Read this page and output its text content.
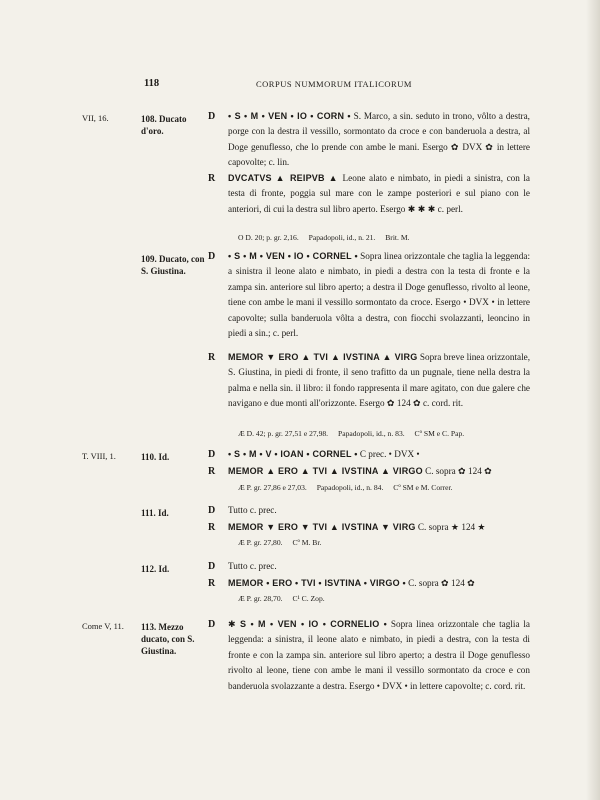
118	CORPUS NUMMORUM ITALICORUM
VII, 16.	108. Ducato d'oro.
D	• S • M • VEN • IO • CORN • S. Marco, a sin. seduto in trono, vôlto a destra, porge con la destra il vessillo, sormontato da croce e con banderuola a destra, al Doge genuflesso, che lo prende con ambe le mani. Esergo ✿ DVX ✿ in lettere capovolte; c. lin.
R	DVCATVS ▲ REIPVB ▲ Leone alato e nimbato, in piedi a sinistra, con la testa di fronte, poggia sul mare con le zampe posteriori e sul piano con le anteriori, di cui la destra sul libro aperto. Esergo ✱ ✱ ✱ c. perl.
O D. 20; p. gr. 2,16. Papadopoli, id., n. 21. Brit. M.
109. Ducato, con S. Giustina.
D	• S • M • VEN • IO • CORNEL • Sopra linea orizzontale che taglia la leggenda: a sinistra il leone alato e nimbato, in piedi a destra con la testa di fronte e la zampa sin. anteriore sul libro aperto; a destra il Doge genuflesso, rivolto al leone, tiene con ambe le mani il vessillo sormontato da croce. Esergo • DVX • in lettere capovolte; sulla banderuola vôlta a destra, con fiocchi svolazzanti, leoncino in piedi a sin.; c. perl.
R	MEMOR ▼ ERO ▲ TVI ▲ IVSTINA ▲ VIRG Sopra breve linea orizzontale, S. Giustina, in piedi di fronte, il seno trafitto da un pugnale, tiene nella destra la palma e nella sin. il libro: il fondo rappresenta il mare agitato, con due galere che navigano e due monti all'orizzonte. Esergo ✿ 124 ✿ c. cord. rit.
Æ D. 42; p. gr. 27,51 e 27,98. Papadopoli, id., n. 83. Cº SM e C. Pap.
T. VIII, 1.	110. Id.	D	• S • M • V • IOAN • CORNEL • C prec. • DVX •
R	MEMOR ▲ ERO ▲ TVI ▲ IVSTINA ▲ VIRGO C. sopra ✿ 124 ✿
Æ P. gr. 27,86 e 27,03. Papadopoli, id., n. 84. Cº SM e M. Correr.
111. Id.	D	Tutto c. prec.
R	MEMOR ▼ ERO ▼ TVI ▲ IVSTINA ▼ VIRG C. sopra ★ 124 ★
Æ P. gr. 27,80. Cº M. Br.
112. Id.	D	Tutto c. prec.
R	MEMOR • ERO • TVI • ISVTINA • VIRGO • C. sopra ✿ 124 ✿
Æ P. gr. 28,70. C¹ C. Zop.
Come V, 11.	113. Mezzo ducato, con S. Giustina.
D	✱ S • M • VEN • IO • CORNELIO • Sopra linea orizzontale che taglia la leggenda: a sinistra, il leone alato e nimbato, in piedi a destra, con la testa di fronte e con la zampa sin. anteriore sul libro aperto; a destra il Doge genuflesso rivolto al leone, tiene con ambe le mani il vessillo sormontato da croce e con banderuola svolazzante a destra. Esergo • DVX • in lettere capovolte; c. cord. rit.
